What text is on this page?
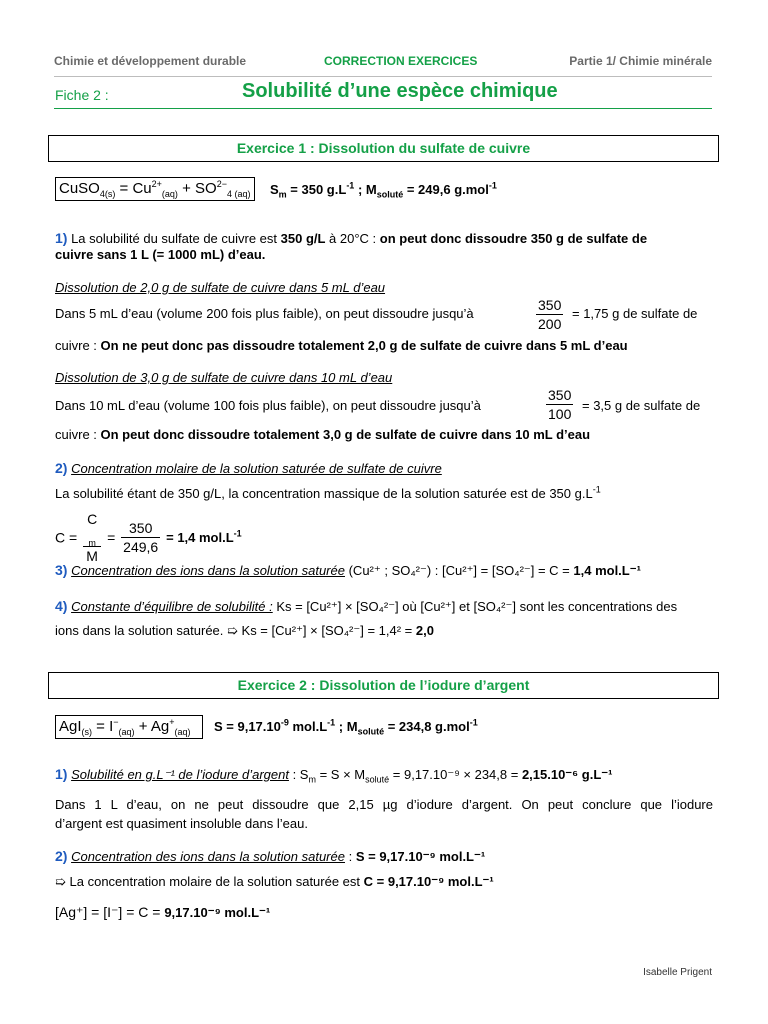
Chimie et développement durable	CORRECTION EXERCICES	Partie 1/ Chimie minérale
Fiche 2 :	Solubilité d’une espèce chimique
Exercice 1 : Dissolution du sulfate de cuivre
CuSO$_{4(s)}$ = $Cu^{2+}_{(aq)} + SO^{2-}_{4 (aq)}$	$S_m = 350$ $g.L^{-1}$ ; $M_{soluté} = 249,6$ g.mol$^{-1}$
1) La solubilité du sulfate de cuivre est 350 g/L à 20°C : on peut donc dissoudre 350 g de sulfate de
cuivre sans 1 L (= 1000 mL) d’eau.
Dissolution de 2,0 g de sulfate de cuivre dans 5 mL d’eau
Dans 5 mL d’eau (volume 200 fois plus faible), on peut dissoudre jusqu’à	$\frac{350}{200} = 1,75$ g de sulfate de
cuivre : On ne peut donc pas dissoudre totalement 2,0 g de sulfate de cuivre dans 5 mL d’eau
Dissolution de 3,0 g de sulfate de cuivre dans 10 mL d’eau
Dans 10 mL d’eau (volume 100 fois plus faible), on peut dissoudre jusqu’à	$\frac{350}{100} = 3,5$ g de sulfate de
cuivre : On peut donc dissoudre totalement 3,0 g de sulfate de cuivre dans 10 mL d’eau
2) Concentration molaire de la solution saturée de sulfate de cuivre
La solubilité étant de 350 g/L, la concentration massique de la solution saturée est de 350 $g.L^{-1}$
C = C
$_m$
$M = \frac{350}{249,6} = 1,4$ $mol.L^{-1}$
3) Concentration des ions dans la solution saturée (Cu²⁺ ; SO₄²⁻) : [Cu²⁺] = [SO₄²⁻] = C = 1,4 mol.L⁻¹
4) Constante d’équilibre de solubilité : Ks = [Cu²⁺] × [SO₄²⁻] où [Cu²⁺] et [SO₄²⁻] sont les concentrations des
ions dans la solution saturée. ➯ Ks = [Cu²⁺] × [SO₄²⁻] = 1,4² = 2,0
Exercice 2 : Dissolution de l’iodure d’argent
$AgI_{(s)} = I^-_{(aq)} + Ag^+_{(aq)}$	$S = 9,17.10^{-9}$ $mol.L^{-1}$ ; $M_{soluté} = 234,8$ g.mol$^{-1}$
1) Solubilité en g.L⁻¹ de l’iodure d’argent : $S_m = S \times M_{soluté} = 9,17.10^{-9} \times 234,8 = 2,15.10^{-6}$ g.L⁻¹
Dans 1 L d’eau, on ne peut dissoudre que 2,15 µg d’iodure d’argent. On peut conclure que l’iodure
d’argent est quasiment insoluble dans l’eau.
2) Concentration des ions dans la solution saturée : S = 9,17.10⁻⁹ mol.L⁻¹
➯ La concentration molaire de la solution saturée est C = 9,17.10⁻⁹ mol.L⁻¹
[Ag⁺] = [I⁻] = C = 9,17.10⁻⁹ mol.L⁻¹
Isabelle Prigent
